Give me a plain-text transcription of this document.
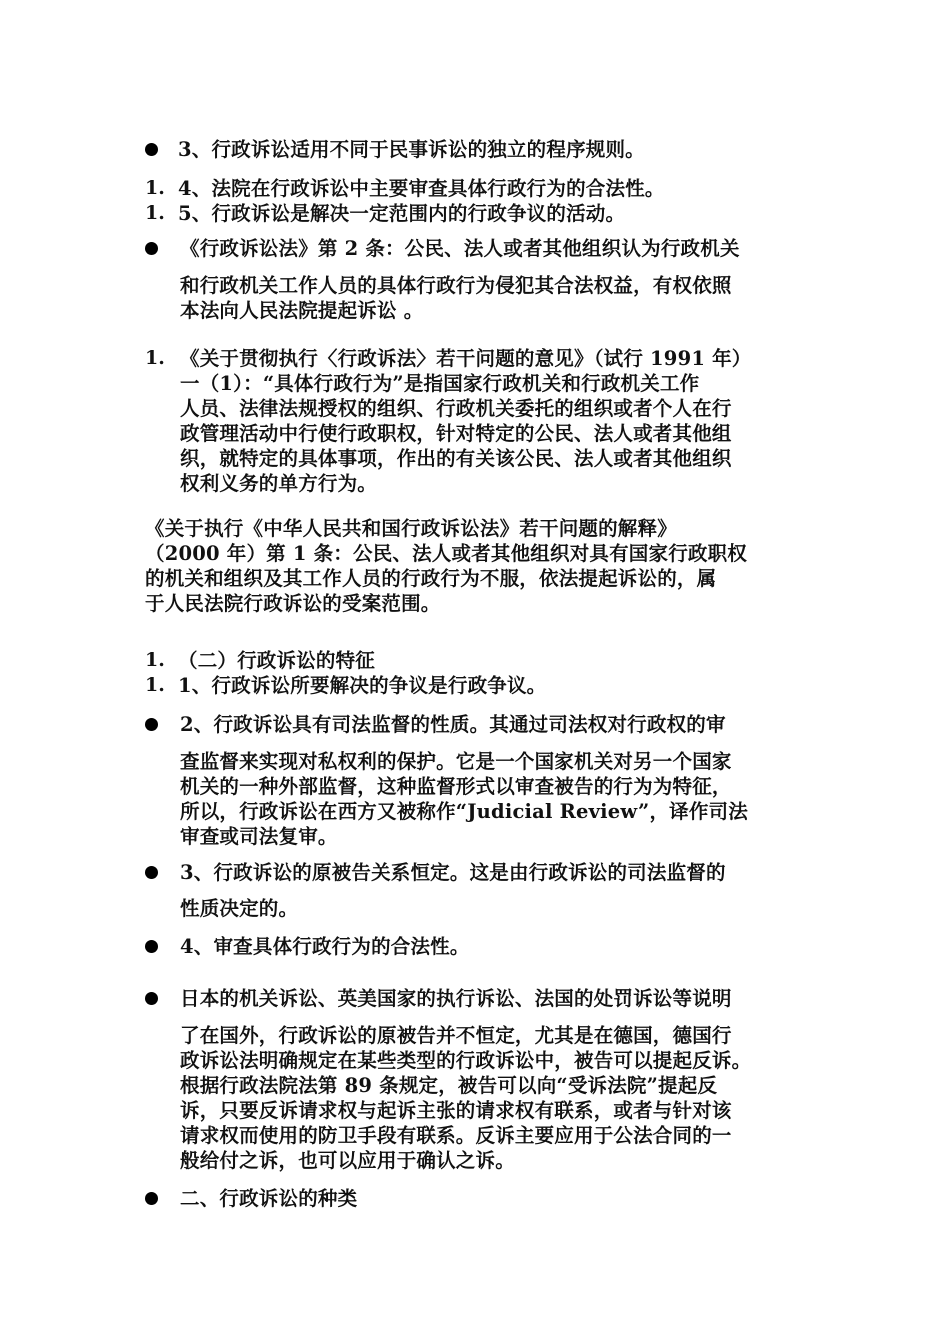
3、行政诉讼适用不同于民事诉讼的独立的程序规则。
1. 4、法院在行政诉讼中主要审查具体行政行为的合法性。
1. 5、行政诉讼是解决一定范围内的行政争议的活动。
《行政诉讼法》第 2 条：公民、法人或者其他组织认为行政机关
和行政机关工作人员的具体行政行为侵犯其合法权益，有权依照
本法向人民法院提起诉讼 。
1. 《关于贯彻执行〈行政诉法〉若干问题的意见》（试行 1991 年）
一（1）：“具体行政行为”是指国家行政机关和行政机关工作
人员、法律法规授权的组织、行政机关委托的组织或者个人在行
政管理活动中行使行政职权，针对特定的公民、法人或者其他组
织，就特定的具体事项，作出的有关该公民、法人或者其他组织
权利义务的单方行为。
《关于执行《中华人民共和国行政诉讼法》若干问题的解释》
（2000 年）第 1 条：公民、法人或者其他组织对具有国家行政职权
的机关和组织及其工作人员的行政行为不服，依法提起诉讼的，属
于人民法院行政诉讼的受案范围。
1. （二）行政诉讼的特征
1. 1、行政诉讼所要解决的争议是行政争议。
2、行政诉讼具有司法监督的性质。其通过司法权对行政权的审
查监督来实现对私权利的保护。它是一个国家机关对另一个国家
机关的一种外部监督，这种监督形式以审查被告的行为为特征，
所以，行政诉讼在西方又被称作“Judicial Review”，译作司法
审查或司法复审。
3、行政诉讼的原被告关系恒定。这是由行政诉讼的司法监督的
性质决定的。
4、审查具体行政行为的合法性。
日本的机关诉讼、英美国家的执行诉讼、法国的处罚诉讼等说明
了在国外，行政诉讼的原被告并不恒定，尤其是在德国，德国行
政诉讼法明确规定在某些类型的行政诉讼中，被告可以提起反诉。
根据行政法院法第 89 条规定，被告可以向“受诉法院”提起反
诉，只要反诉请求权与起诉主张的请求权有联系，或者与针对该
请求权而使用的防卫手段有联系。反诉主要应用于公法合同的一
般给付之诉，也可以应用于确认之诉。
二、行政诉讼的种类
